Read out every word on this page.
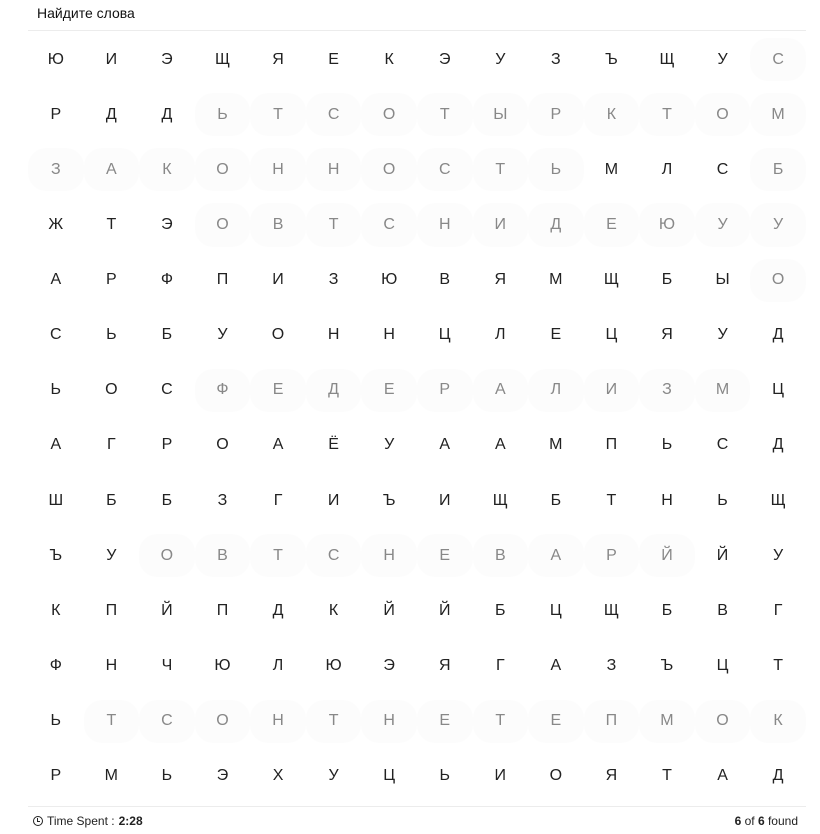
Найдите слова
Ю	И	Э	Щ	Я	Е	К	Э	У	З	Ъ	Щ	У	С
Р	Д	Д	Ь	Т	С	О	Т	Ы	Р	К	Т	О	М
З	А	К	О	Н	Н	О	С	Т	Ь	М	Л	С	Б
Ж	Т	Э	О	В	Т	С	Н	И	Д	Е	Ю	У	У
А	Р	Ф	П	И	З	Ю	В	Я	М	Щ	Б	Ы	О
С	Ь	Б	У	О	Н	Н	Ц	Л	Е	Ц	Я	У	Д
Ь	О	С	Ф	Е	Д	Е	Р	А	Л	И	З	М	Ц
А	Г	Р	О	А	Ё	У	А	А	М	П	Ь	С	Д
Ш	Б	Б	З	Г	И	Ъ	И	Щ	Б	Т	Н	Ь	Щ
Ъ	У	О	В	Т	С	Н	Е	В	А	Р	Й	Й	У
К	П	Й	П	Д	К	Й	Й	Б	Ц	Щ	Б	В	Г
Ф	Н	Ч	Ю	Л	Ю	Э	Я	Г	А	З	Ъ	Ц	Т
Ь	Т	С	О	Н	Т	Н	Е	Т	Е	П	М	О	К
Р	М	Ь	Э	Х	У	Ц	Ь	И	О	Я	Т	А	Д
Time Spent : 2:28	6 of 6 found
